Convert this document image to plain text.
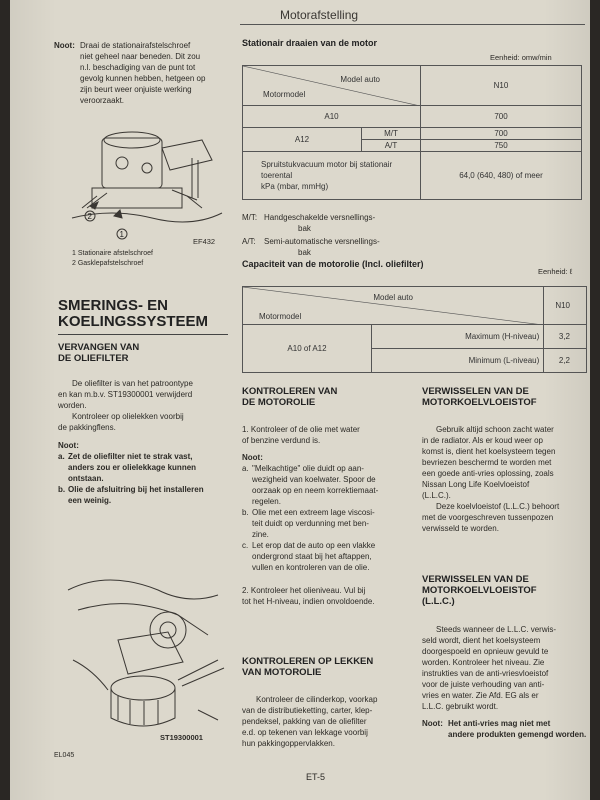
Motorafstelling
Noot: Draai de stationairafstelschroef
niet geheel naar beneden. Dit zou
n.l. beschadiging van de punt tot
gevolg kunnen hebben, hetgeen op
zijn beurt weer onjuiste werking
veroorzaakt.
2
1
EF432
1 Stationaire afstelschroef
2 Gasklepafstelschroef
Stationair draaien van de motor
Eenheid: omw/min
Model auto
Motormodel		N10
A10		700
A12	M/T	700
	A/T	750

Spruitstukvacuum motor bij stationair
toerental
kPa (mbar, mmHg)		64,0 (640, 480) of meer
M/T: Handgeschakelde versnellings-
bak
A/T:	Semi-automatische versnellings-
bak
Capaciteit van de motorolie (Incl. oliefilter)
Eenheid: ℓ
Model auto
Motormodel		N10
A10 of A12	Maximum (H-niveau)	3,2
	Minimum (L-niveau)	2,2
SMERINGS- EN
KOELINGSSYSTEEM
VERVANGEN VAN
DE OLIEFILTER
De oliefilter is van het patroontype
en kan m.b.v. ST19300001 verwijderd
worden.
Kontroleer op olielekken voorbij
de pakkingflens.
Noot:
a. Zet de oliefilter niet te strak vast,
anders zou er olielekkage kunnen
ontstaan.
b. Olie de afsluitring bij het installeren
een weinig.
EL045
ST19300001
KONTROLEREN VAN
DE MOTOROLIE
1. Kontroleer of de olie met water
of benzine verdund is.
Noot:
a. "Melkachtige" olie duidt op aan-
wezigheid van koelwater. Spoor de
oorzaak op en neem korrektiemaat-
regelen.
b. Olie met een extreem lage viscosi-
teit duidt op verdunning met ben-
zine.
c. Let erop dat de auto op een vlakke
ondergrond staat bij het aftappen,
vullen en kontroleren van de olie.
2. Kontroleer het olieniveau. Vul bij
tot het H-niveau, indien onvoldoende.
KONTROLEREN OP LEKKEN
VAN MOTOROLIE
Kontroleer de cilinderkop, voorkap
van de distributieketting, carter, klep-
pendeksel, pakking van de oliefilter
e.d. op tekenen van lekkage voorbij
hun pakkingoppervlakken.
VERWISSELEN VAN DE
MOTORKOELVLOEISTOF
Gebruik altijd schoon zacht water
in de radiator. Als er koud weer op
komst is, dient het koelsysteem tegen
bevriezen beschermd te worden met
een goede anti-vries oplossing, zoals
Nissan Long Life Koelvloeistof
(L.L.C.).
Deze koelvloeistof (L.L.C.) behoort
met de voorgeschreven tussenpozen
verwisseld te worden.
VERWISSELEN VAN DE
MOTORKOELVLOEISTOF
(L.L.C.)
Steeds wanneer de L.L.C. verwis-
seld wordt, dient het koelsysteem
doorgespoeld en opnieuw gevuld te
worden. Kontroleer het niveau. Zie
instrukties van de anti-vriesvloeistof
voor de juiste verhouding van anti-
vries en water. Zie Afd. EG als er
L.L.C. gebruikt wordt.
Noot: Het anti-vries mag niet met
andere produkten gemengd worden.
ET-5
